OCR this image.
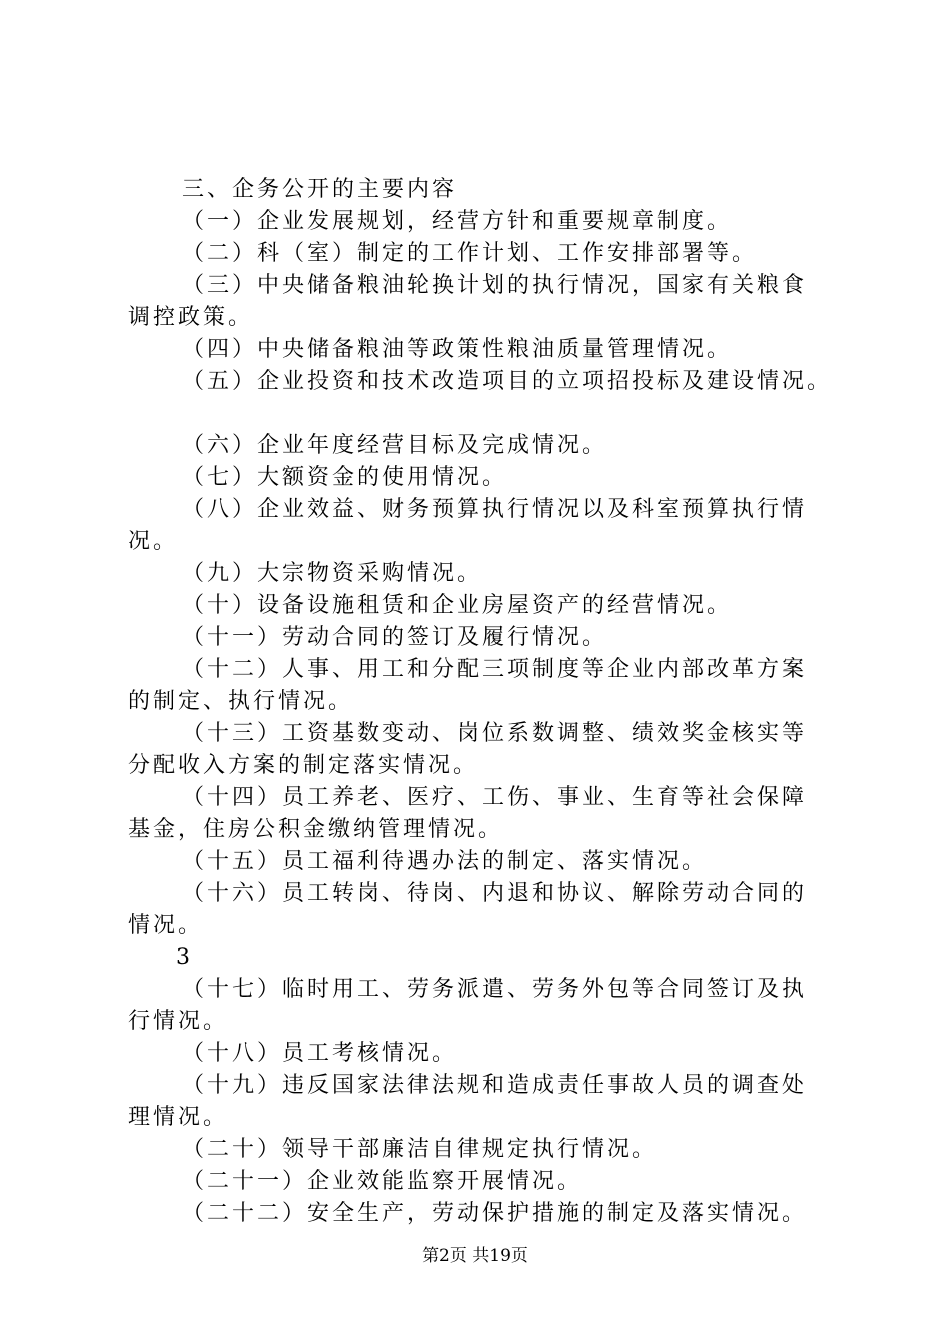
三、企务公开的主要内容
（一）企业发展规划，经营方针和重要规章制度。
（二）科（室）制定的工作计划、工作安排部署等。
（三）中央储备粮油轮换计划的执行情况，国家有关粮食
调控政策。
（四）中央储备粮油等政策性粮油质量管理情况。
（五）企业投资和技术改造项目的立项招投标及建设情况。
（六）企业年度经营目标及完成情况。
（七）大额资金的使用情况。
（八）企业效益、财务预算执行情况以及科室预算执行情
况。
（九）大宗物资采购情况。
（十）设备设施租赁和企业房屋资产的经营情况。
（十一）劳动合同的签订及履行情况。
（十二）人事、用工和分配三项制度等企业内部改革方案
的制定、执行情况。
（十三）工资基数变动、岗位系数调整、绩效奖金核实等
分配收入方案的制定落实情况。
（十四）员工养老、医疗、工伤、事业、生育等社会保障
基金，住房公积金缴纳管理情况。
（十五）员工福利待遇办法的制定、落实情况。
（十六）员工转岗、待岗、内退和协议、解除劳动合同的
情况。
3
（十七）临时用工、劳务派遣、劳务外包等合同签订及执
行情况。
（十八）员工考核情况。
（十九）违反国家法律法规和造成责任事故人员的调查处
理情况。
（二十）领导干部廉洁自律规定执行情况。
（二十一）企业效能监察开展情况。
（二十二）安全生产，劳动保护措施的制定及落实情况。
第2页 共19页
